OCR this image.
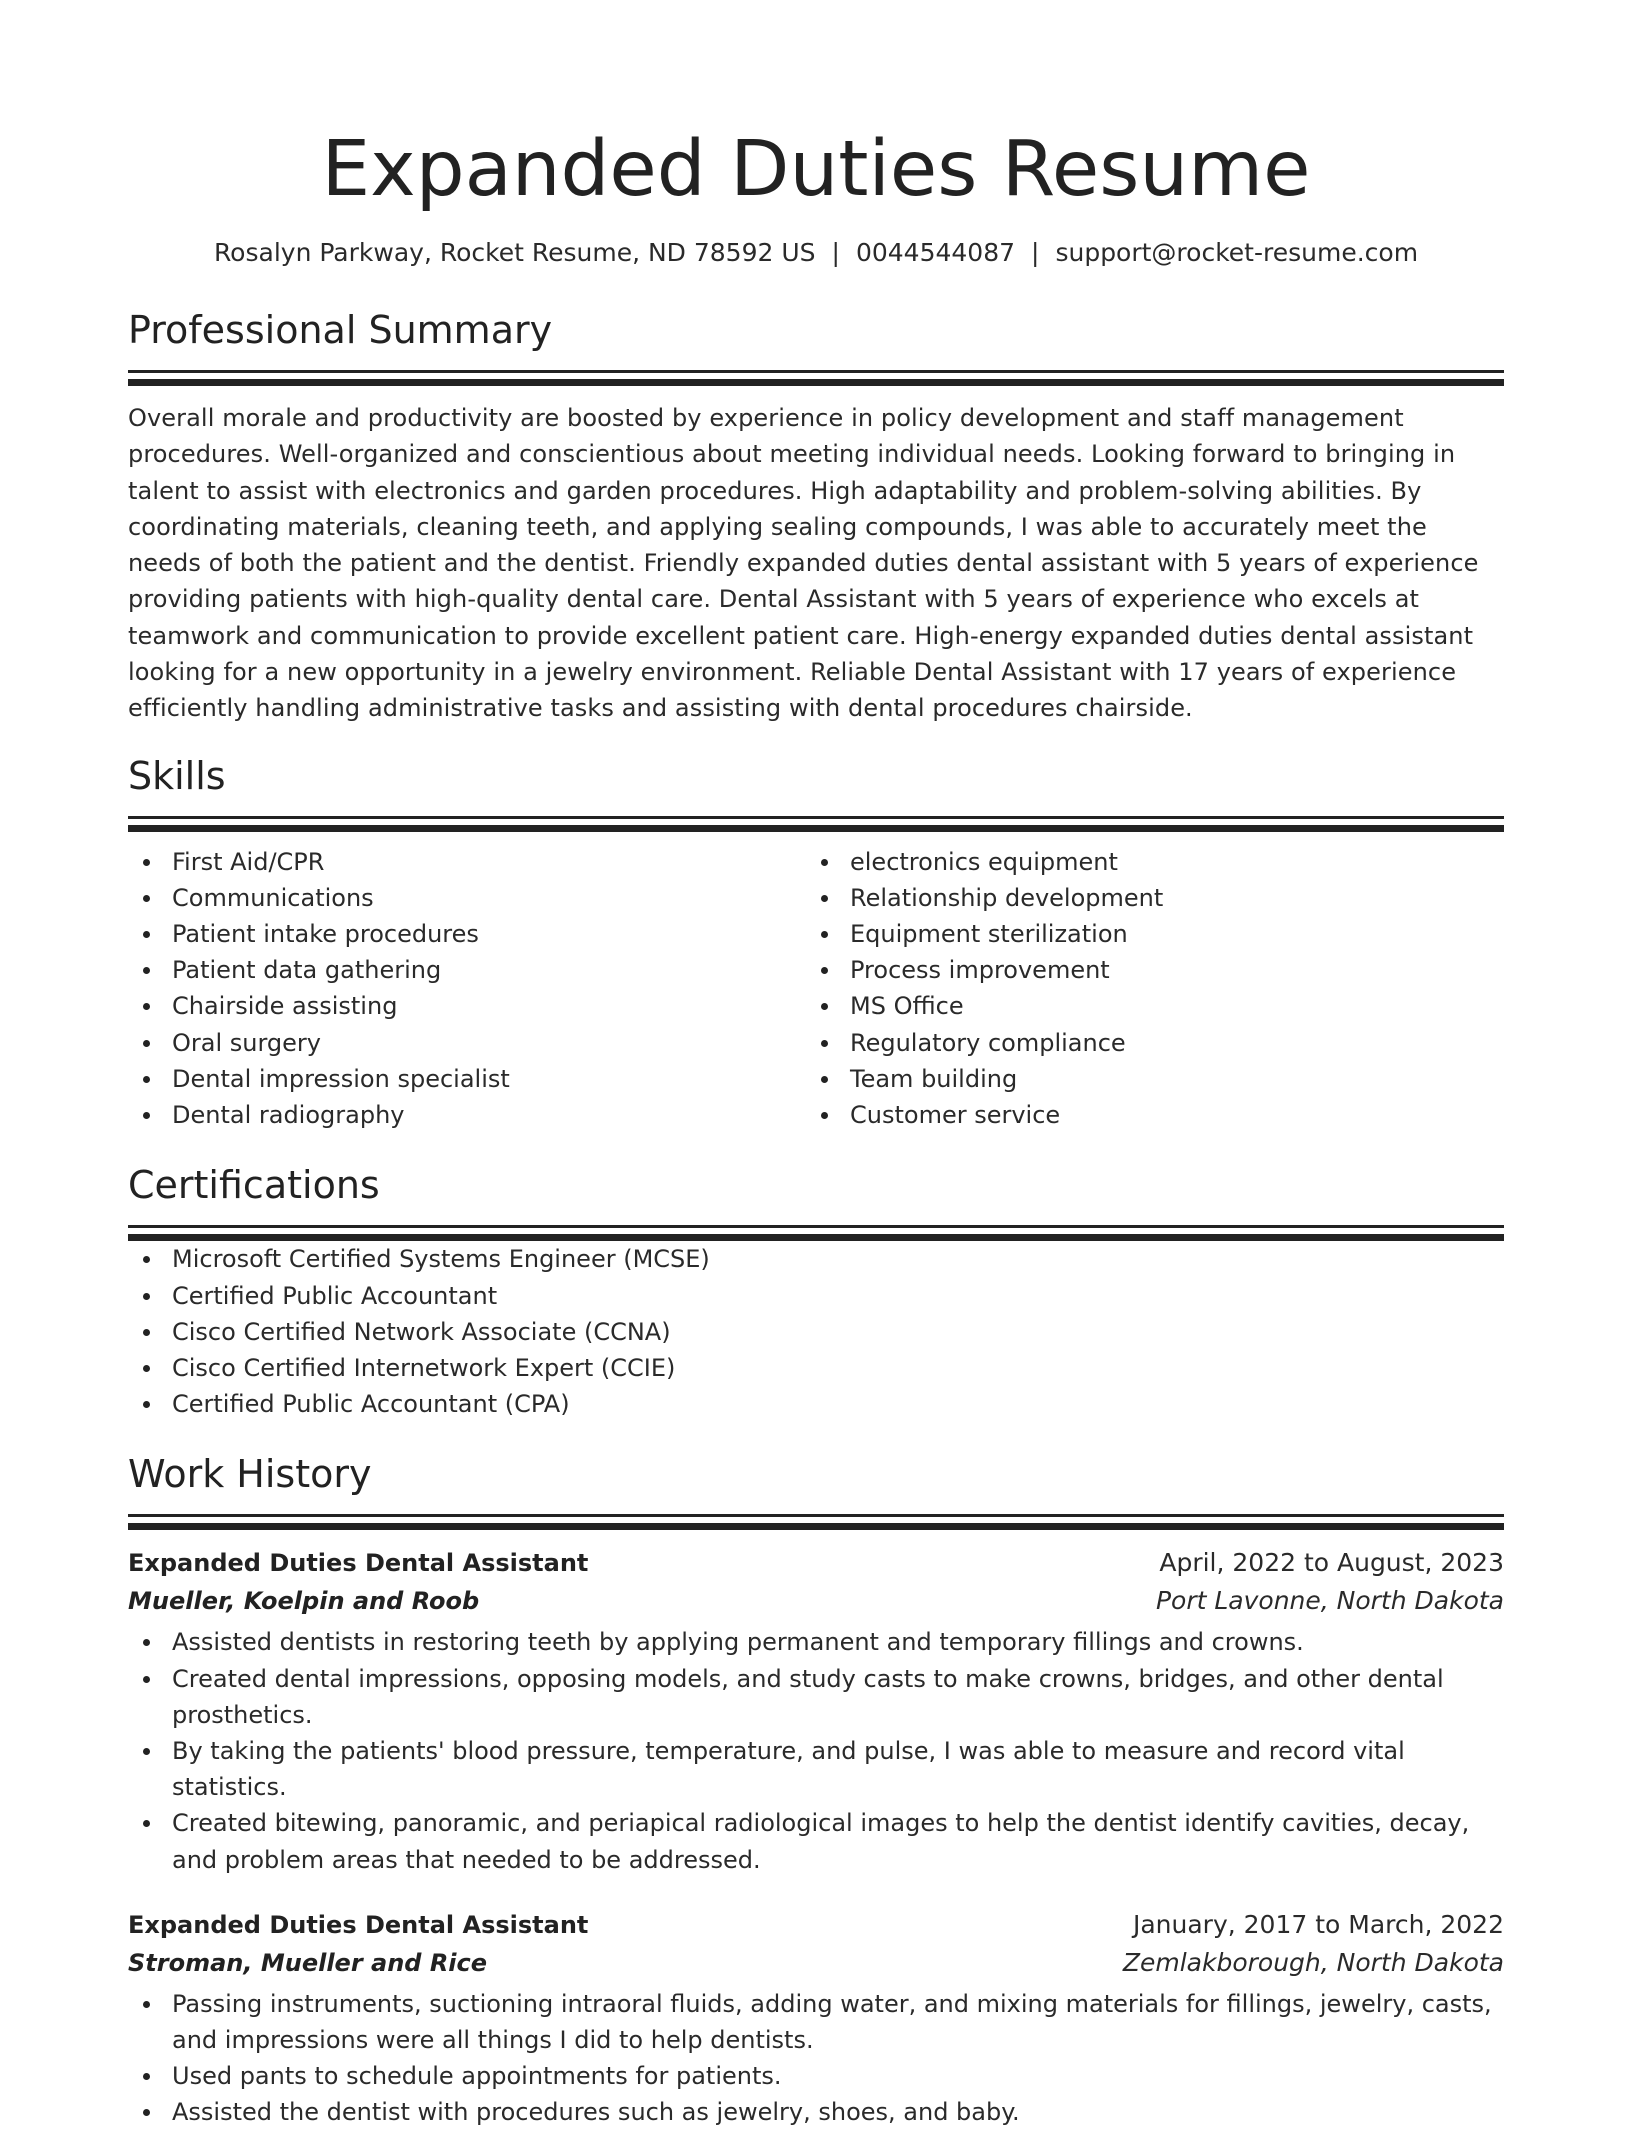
Expanded Duties Resume
Rosalyn Parkway, Rocket Resume, ND 78592 US | 0044544087 | support@rocket-resume.com
Professional Summary

Overall morale and productivity are boosted by experience in policy development and staff management procedures. Well-organized and conscientious about meeting individual needs. Looking forward to bringing in talent to assist with electronics and garden procedures. High adaptability and problem-solving abilities. By coordinating materials, cleaning teeth, and applying sealing compounds, I was able to accurately meet the needs of both the patient and the dentist. Friendly expanded duties dental assistant with 5 years of experience providing patients with high-quality dental care. Dental Assistant with 5 years of experience who excels at teamwork and communication to provide excellent patient care. High-energy expanded duties dental assistant looking for a new opportunity in a jewelry environment. Reliable Dental Assistant with 17 years of experience efficiently handling administrative tasks and assisting with dental procedures chairside.

Skills
First Aid/CPR
Communications
Patient intake procedures
Patient data gathering
Chairside assisting
Oral surgery
Dental impression specialist
Dental radiography
electronics equipment
Relationship development
Equipment sterilization
Process improvement
MS Office
Regulatory compliance
Team building
Customer service
Certifications
Microsoft Certified Systems Engineer (MCSE)
Certified Public Accountant
Cisco Certified Network Associate (CCNA)
Cisco Certified Internetwork Expert (CCIE)
Certified Public Accountant (CPA)
Work History
Expanded Duties Dental Assistant	April, 2022 to August, 2023
Mueller, Koelpin and Roob	Port Lavonne, North Dakota
Assisted dentists in restoring teeth by applying permanent and temporary fillings and crowns.
Created dental impressions, opposing models, and study casts to make crowns, bridges, and other dental prosthetics.
By taking the patients' blood pressure, temperature, and pulse, I was able to measure and record vital statistics.
Created bitewing, panoramic, and periapical radiological images to help the dentist identify cavities, decay, and problem areas that needed to be addressed.
Expanded Duties Dental Assistant	January, 2017 to March, 2022
Stroman, Mueller and Rice	Zemlakborough, North Dakota
Passing instruments, suctioning intraoral fluids, adding water, and mixing materials for fillings, jewelry, casts, and impressions were all things I did to help dentists.
Used pants to schedule appointments for patients.
Assisted the dentist with procedures such as jewelry, shoes, and baby.
